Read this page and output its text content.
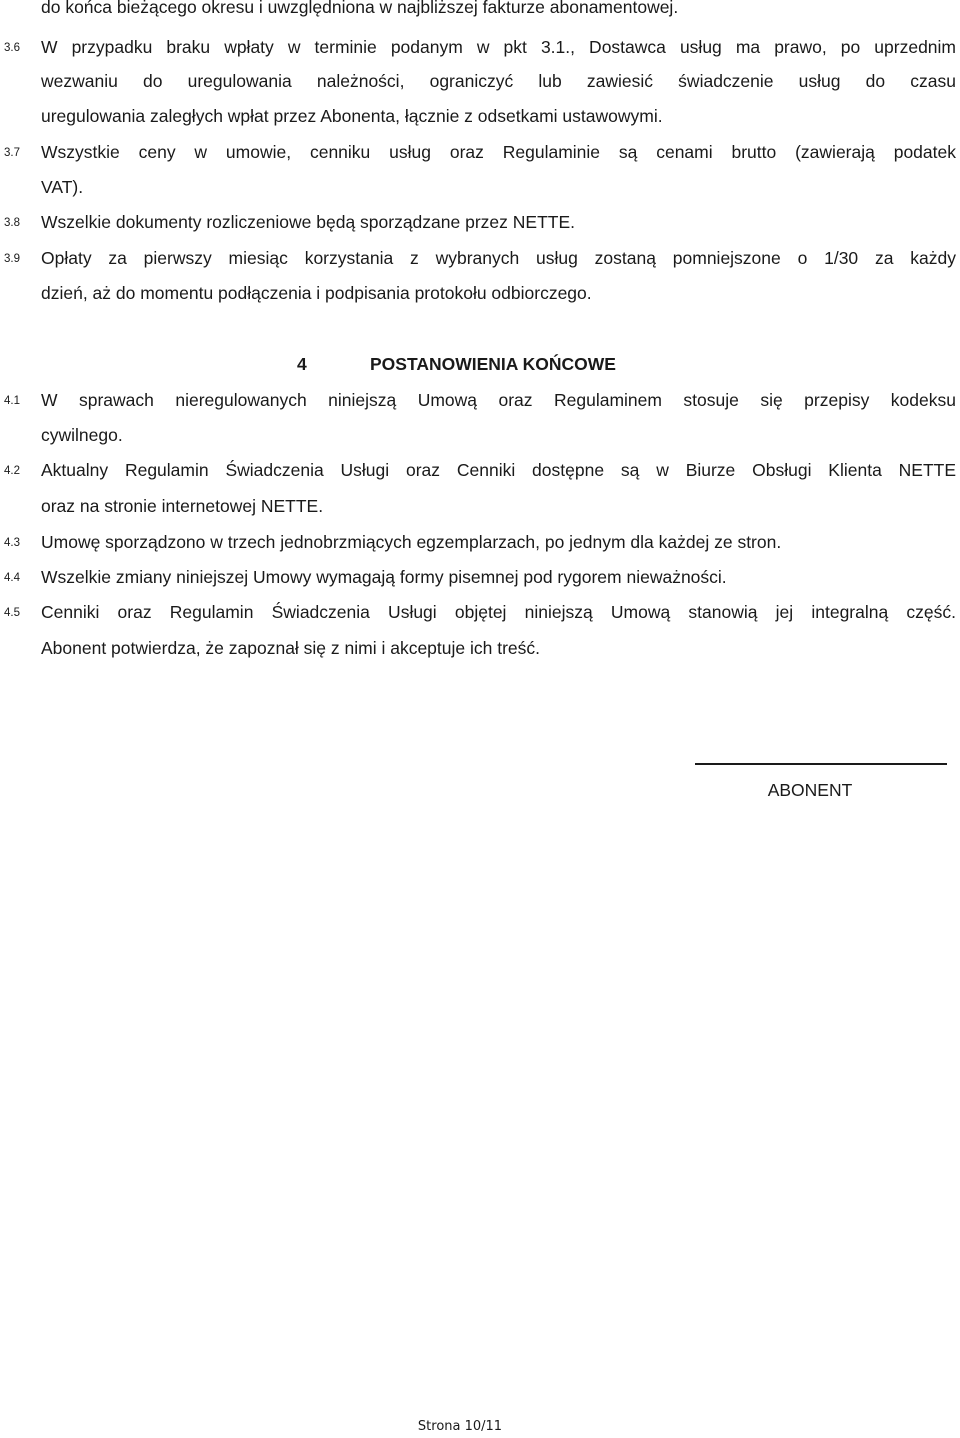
do końca bieżącego okresu i uwzględniona w najbliższej fakturze abonamentowej.
3.6 W przypadku braku wpłaty w terminie podanym w pkt 3.1., Dostawca usług ma prawo, po uprzednim
wezwaniu do uregulowania należności, ograniczyć lub zawiesić świadczenie usług do czasu
uregulowania zaległych wpłat przez Abonenta, łącznie z odsetkami ustawowymi.
3.7 Wszystkie ceny w umowie, cenniku usług oraz Regulaminie są cenami brutto (zawierają podatek
VAT).
3.8 Wszelkie dokumenty rozliczeniowe będą sporządzane przez NETTE.
3.9 Opłaty za pierwszy miesiąc korzystania z wybranych usług zostaną pomniejszone o 1/30 za każdy
dzień, aż do momentu podłączenia i podpisania protokołu odbiorczego.
4	POSTANOWIENIA KOŃCOWE
4.1 W sprawach nieregulowanych niniejszą Umową oraz Regulaminem stosuje się przepisy kodeksu
cywilnego.
4.2 Aktualny Regulamin Świadczenia Usługi oraz Cenniki dostępne są w Biurze Obsługi Klienta NETTE
oraz na stronie internetowej NETTE.
4.3 Umowę sporządzono w trzech jednobrzmiących egzemplarzach, po jednym dla każdej ze stron.
4.4 Wszelkie zmiany niniejszej Umowy wymagają formy pisemnej pod rygorem nieważności.
4.5 Cenniki oraz Regulamin Świadczenia Usługi objętej niniejszą Umową stanowią jej integralną część.
Abonent potwierdza, że zapoznał się z nimi i akceptuje ich treść.
ABONENT
Strona 10/11
